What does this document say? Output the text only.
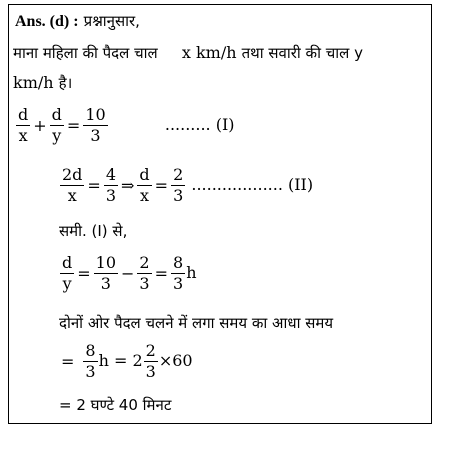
Ans. (d) : प्रश्नानुसार,
माना महिला की पैदल चाल x km/h तथा सवारी की चाल y
km/h है।
$\frac{d}{x} + \frac{d}{y} = \frac{10}{3}$	......... (I)
$\frac{2d}{x} = \frac{4}{3}$ ⇒ $\frac{d}{x} = \frac{2}{3}$ .................. (II)
समी. (I) से,
$\frac{d}{y} = \frac{10}{3} - \frac{2}{3} = \frac{8}{3}$ h
दोनों ओर पैदल चलने में लगा समय का आधा समय
= $\frac{8}{3}$ $h = 2 \frac{2}{3} \times 60$
= 2 घण्टे 40 मिनट
